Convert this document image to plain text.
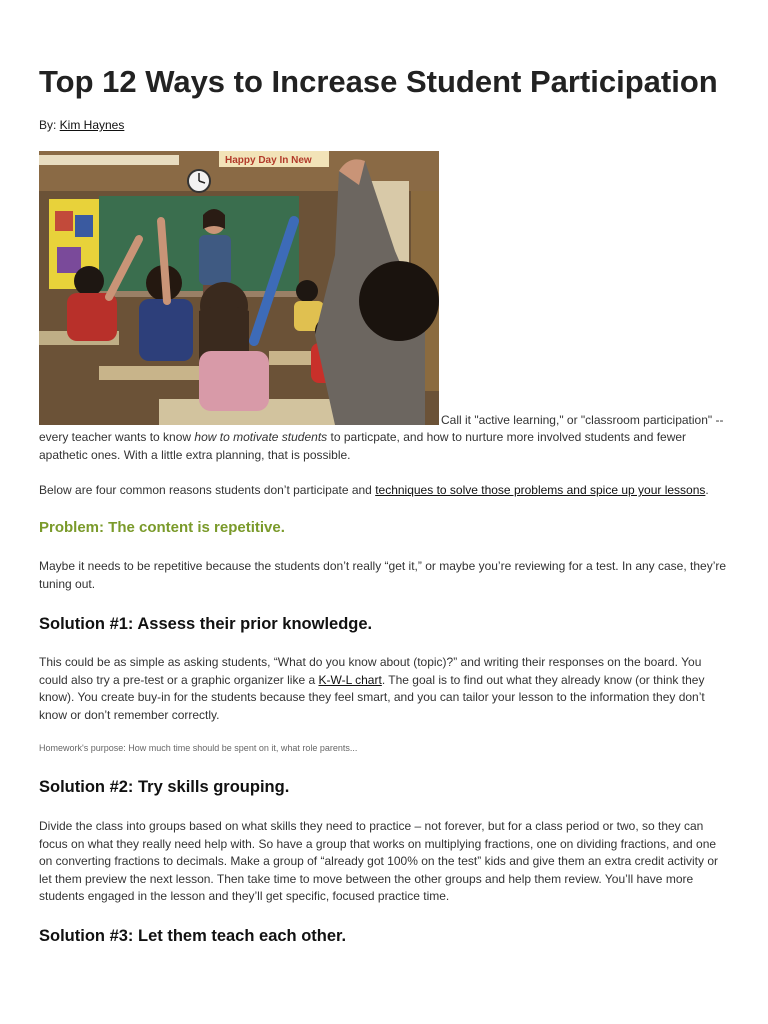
Top 12 Ways to Increase Student Participation
By: Kim Haynes
Happy Day In New
Call it "active learning," or "classroom participation" --

every teacher wants to know how to motivate students to particpate, and how to nurture more involved students and fewer apathetic ones. With a little extra planning, that is possible.

Below are four common reasons students don’t participate and techniques to solve those problems and spice up your lessons.

Problem: The content is repetitive.

Maybe it needs to be repetitive because the students don’t really “get it,” or maybe you’re reviewing for a test. In any case, they’re tuning out.

Solution #1: Assess their prior knowledge.

This could be as simple as asking students, “What do you know about (topic)?” and writing their responses on the board. You could also try a pre-test or a graphic organizer like a K-W-L chart. The goal is to find out what they already know (or think they know). You create buy-in for the students because they feel smart, and you can tailor your lesson to the information they don’t know or don’t remember correctly.

Homework's purpose: How much time should be spent on it, what role parents...
Solution #2: Try skills grouping.

Divide the class into groups based on what skills they need to practice – not forever, but for a class period or two, so they can focus on what they really need help with. So have a group that works on multiplying fractions, one on dividing fractions, and one on converting fractions to decimals. Make a group of “already got 100% on the test” kids and give them an extra credit activity or let them preview the next lesson. Then take time to move between the other groups and help them review. You’ll have more students engaged in the lesson and they’ll get specific, focused practice time.

Solution #3: Let them teach each other.
